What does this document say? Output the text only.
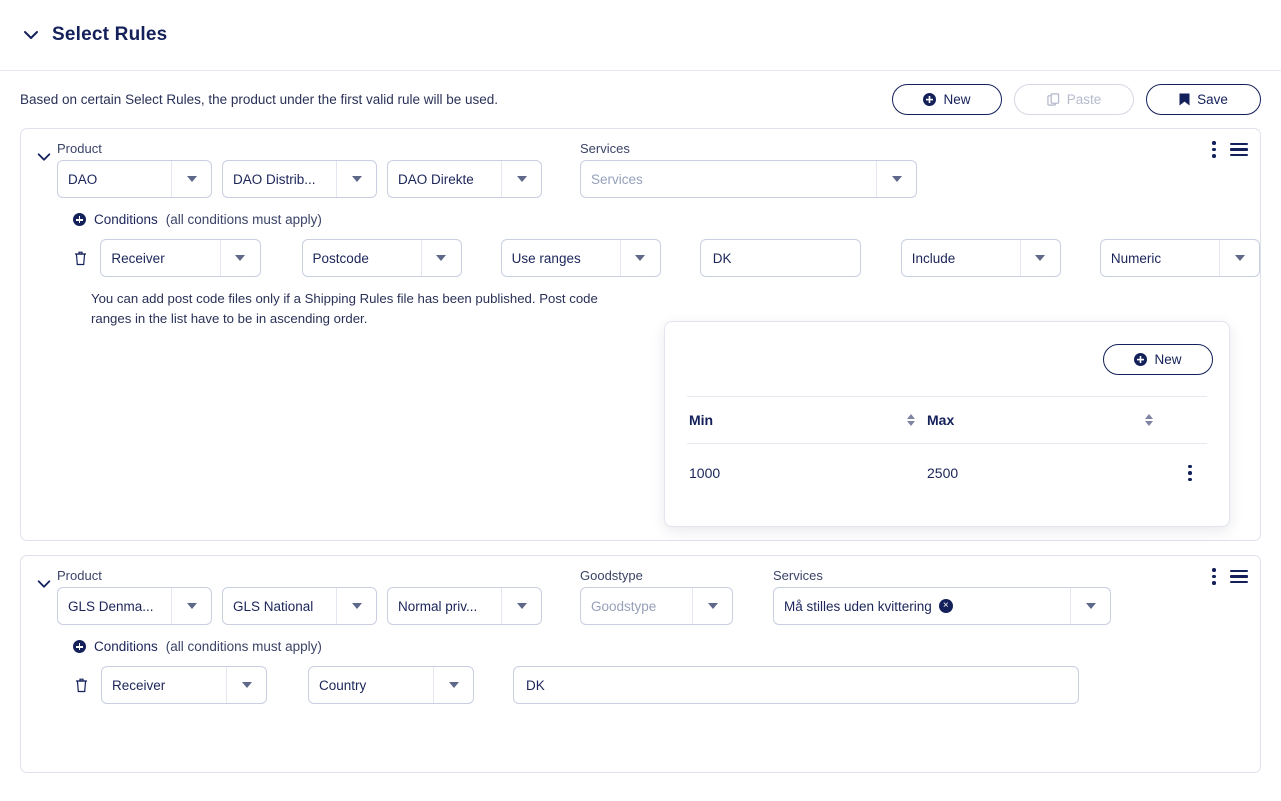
Select Rules
Based on certain Select Rules, the product under the first valid rule will be used.	New	Paste	Save
Product
DAO	DAO Distrib...	DAO Direkte
Services
Services
Conditions (all conditions must apply)
Receiver	Postcode	Use ranges	DK	Include	Numeric
You can add post code files only if a Shipping Rules file has been published. Post code ranges in the list have to be in ascending order.
Product
GLS Denma...	GLS National	Normal priv...
Goodstype
Goodstype
Services
Må stilles uden kvittering	×
Conditions (all conditions must apply)
Receiver	Country	DK
New
Min	Max
1000	2500
